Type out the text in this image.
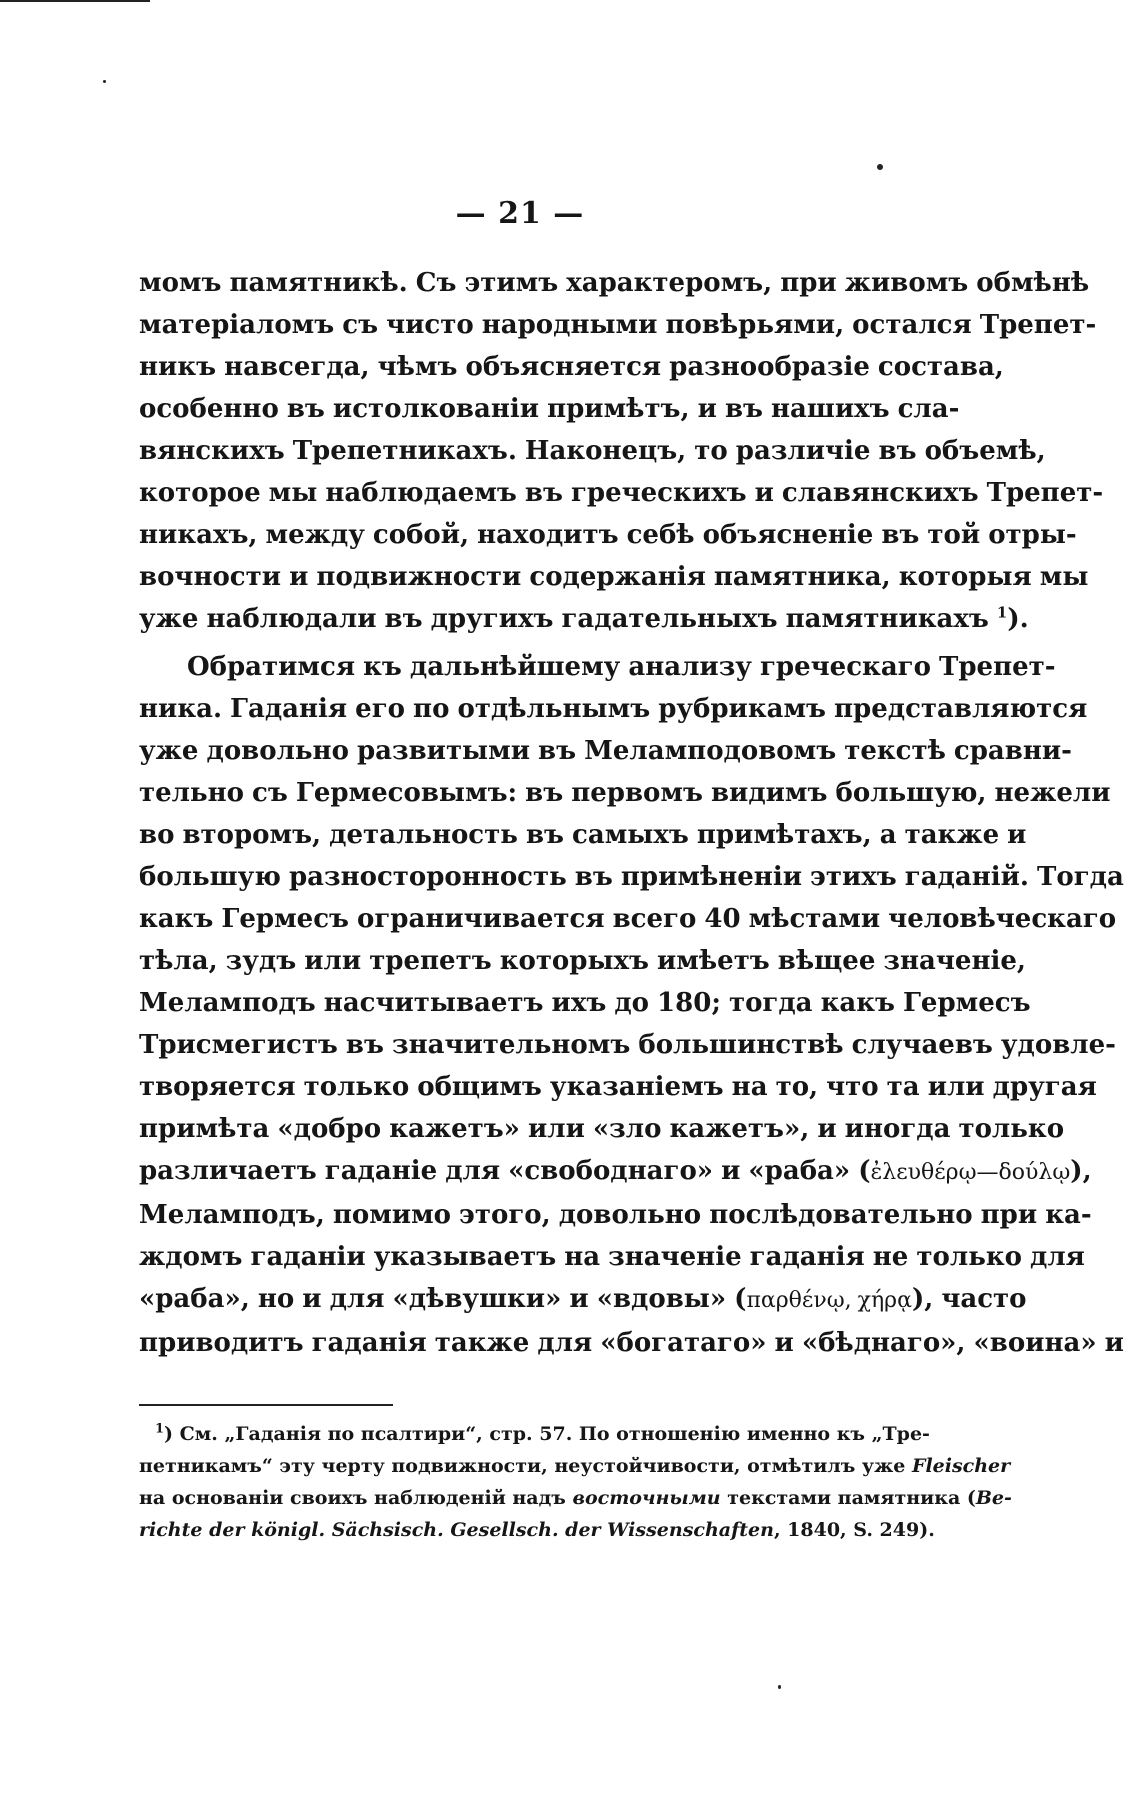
— 21 —

момъ памятникѣ. Съ этимъ характеромъ, при живомъ обмѣнѣ

матеріаломъ съ чисто народными повѣрьями, остался Трепет-

никъ навсегда, чѣмъ объясняется разнообразіе состава,

особенно въ истолкованіи примѣтъ, и въ нашихъ сла-

вянскихъ Трепетникахъ. Наконецъ, то различіе въ объемѣ,

которое мы наблюдаемъ въ греческихъ и славянскихъ Трепет-

никахъ, между собой, находитъ себѣ объясненіе въ той отры-

вочности и подвижности содержанія памятника, которыя мы

уже наблюдали въ другихъ гадательныхъ памятникахъ $^1$).

Обратимся къ дальнѣйшему анализу греческаго Трепет-

ника. Гаданія его по отдѣльнымъ рубрикамъ представляются

уже довольно развитыми въ Меламподовомъ текстѣ сравни-

тельно съ Гермесовымъ: въ первомъ видимъ большую, нежели

во второмъ, детальность въ самыхъ примѣтахъ, а также и

большую разносторонность въ примѣненіи этихъ гаданій. Тогда

какъ Гермесъ ограничивается всего 40 мѣстами человѣческаго

тѣла, зудъ или трепетъ которыхъ имѣетъ вѣщее значеніе,

Меламподъ насчитываетъ ихъ до 180; тогда какъ Гермесъ

Трисмегистъ въ значительномъ большинствѣ случаевъ удовле-

творяется только общимъ указаніемъ на то, что та или другая

примѣта «добро кажетъ» или «зло кажетъ», и иногда только

различаетъ гаданіе для «свободнаго» и «раба» (ἐλευθέρῳ—δούλῳ),

Меламподъ, помимо этого, довольно послѣдовательно при ка-

ждомъ гаданіи указываетъ на значеніе гаданія не только для

«раба», но и для «дѣвушки» и «вдовы» (παρθένῳ, χήρᾳ), часто

приводитъ гаданія также для «богатаго» и «бѣднаго», «воина» и

$^1$) См. „Гаданія по псалтири“, стр. 57. По отношенію именно къ „Тре-

петникамъ“ эту черту подвижности, неустойчивости, отмѣтилъ уже Fleischer

на основаніи своихъ наблюденій надъ восточными текстами памятника (Be-

richte der königl. Sächsisch. Gesellsch. der Wissenschaften, 1840, S. 249).
